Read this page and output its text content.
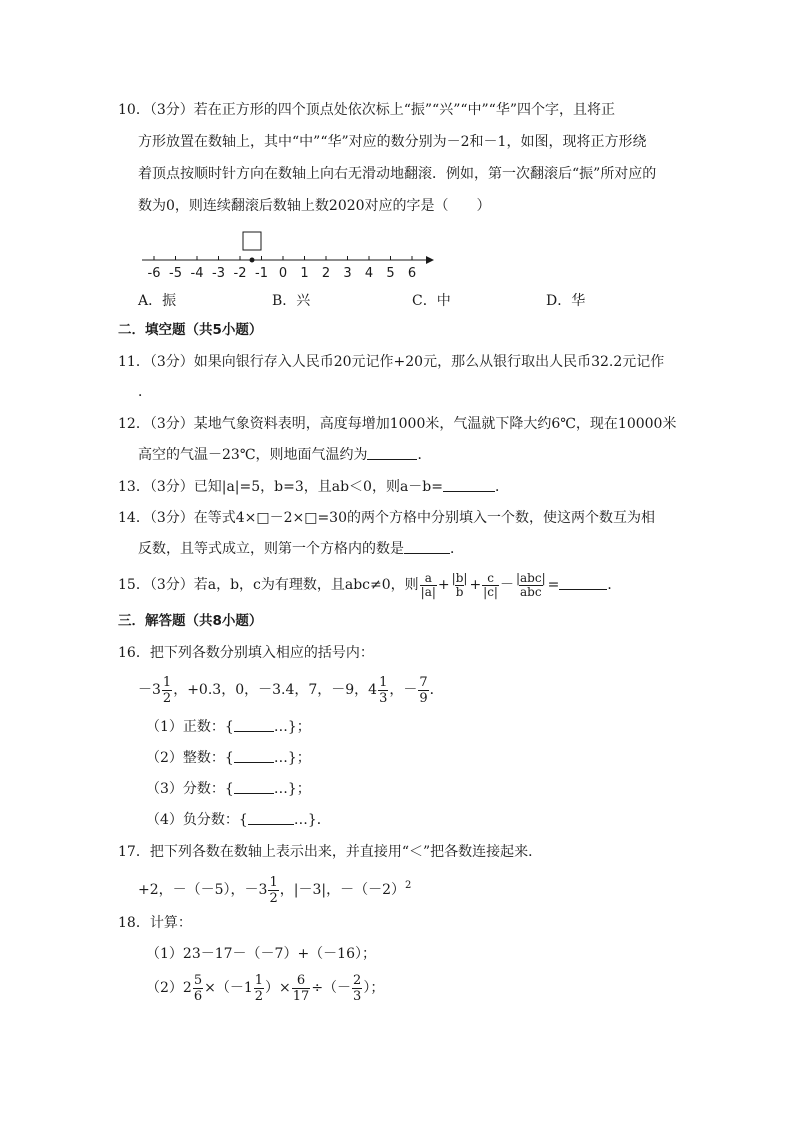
10．（3分）若在正方形的四个顶点处依次标上“振”“兴”“中”“华”四个字，且将正
方形放置在数轴上，其中“中”“华”对应的数分别为－2和－1，如图，现将正方形绕
着顶点按顺时针方向在数轴上向右无滑动地翻滚．例如，第一次翻滚后“振”所对应的
数为0，则连续翻滚后数轴上数2020对应的字是（　　）
-6 -5 -4 -3 -2 -1 0 1 2 3 4 5 6
A．振	B．兴	C．中	D．华
二．填空题（共5小题）
11．（3分）如果向银行存入人民币20元记作+20元，那么从银行取出人民币32.2元记作
．
12．（3分）某地气象资料表明，高度每增加1000米，气温就下降大约6℃，现在10000米
高空的气温－23℃，则地面气温约为	．
13．（3分）已知|a|=5，b=3，且ab＜0，则a－b=	．
14．（3分）在等式4×□－2×□=30的两个方格中分别填入一个数，使这两个数互为相
反数，且等式成立，则第一个方格内的数是	．
15．（3分）若a，b，c为有理数，且abc≠0，则 $\frac{a}{|a|} + \frac{|b|}{b} + \frac{c}{|c|} - \frac{\text{|abc|}}{\text{abc}}$ =	．
三．解答题（共8小题）
16．把下列各数分别填入相应的括号内：
$-3 \frac{1}{2}$ ，+0.3，0，－3.4，7，－9，$4 \frac{1}{3}$ ，－ $\frac{7}{9}$ ．
（1）正数：{	…}；
（2）整数：{	…}；
（3）分数：{	…}；
（4）负分数：{	…}．
17．把下列各数在数轴上表示出来，并直接用“＜”把各数连接起来．
+2，－（－5），$-3 \frac{1}{2}$ ，|－3|，$-(-2)^2$
18．计算：
（1）23－17－（－7）+（－16）；
$(2)2 \frac{5}{6} \times(-1 \frac{1}{2}$ ）× $\frac{6}{17}$ ÷（－ $\frac{2}{3}$ ）；
